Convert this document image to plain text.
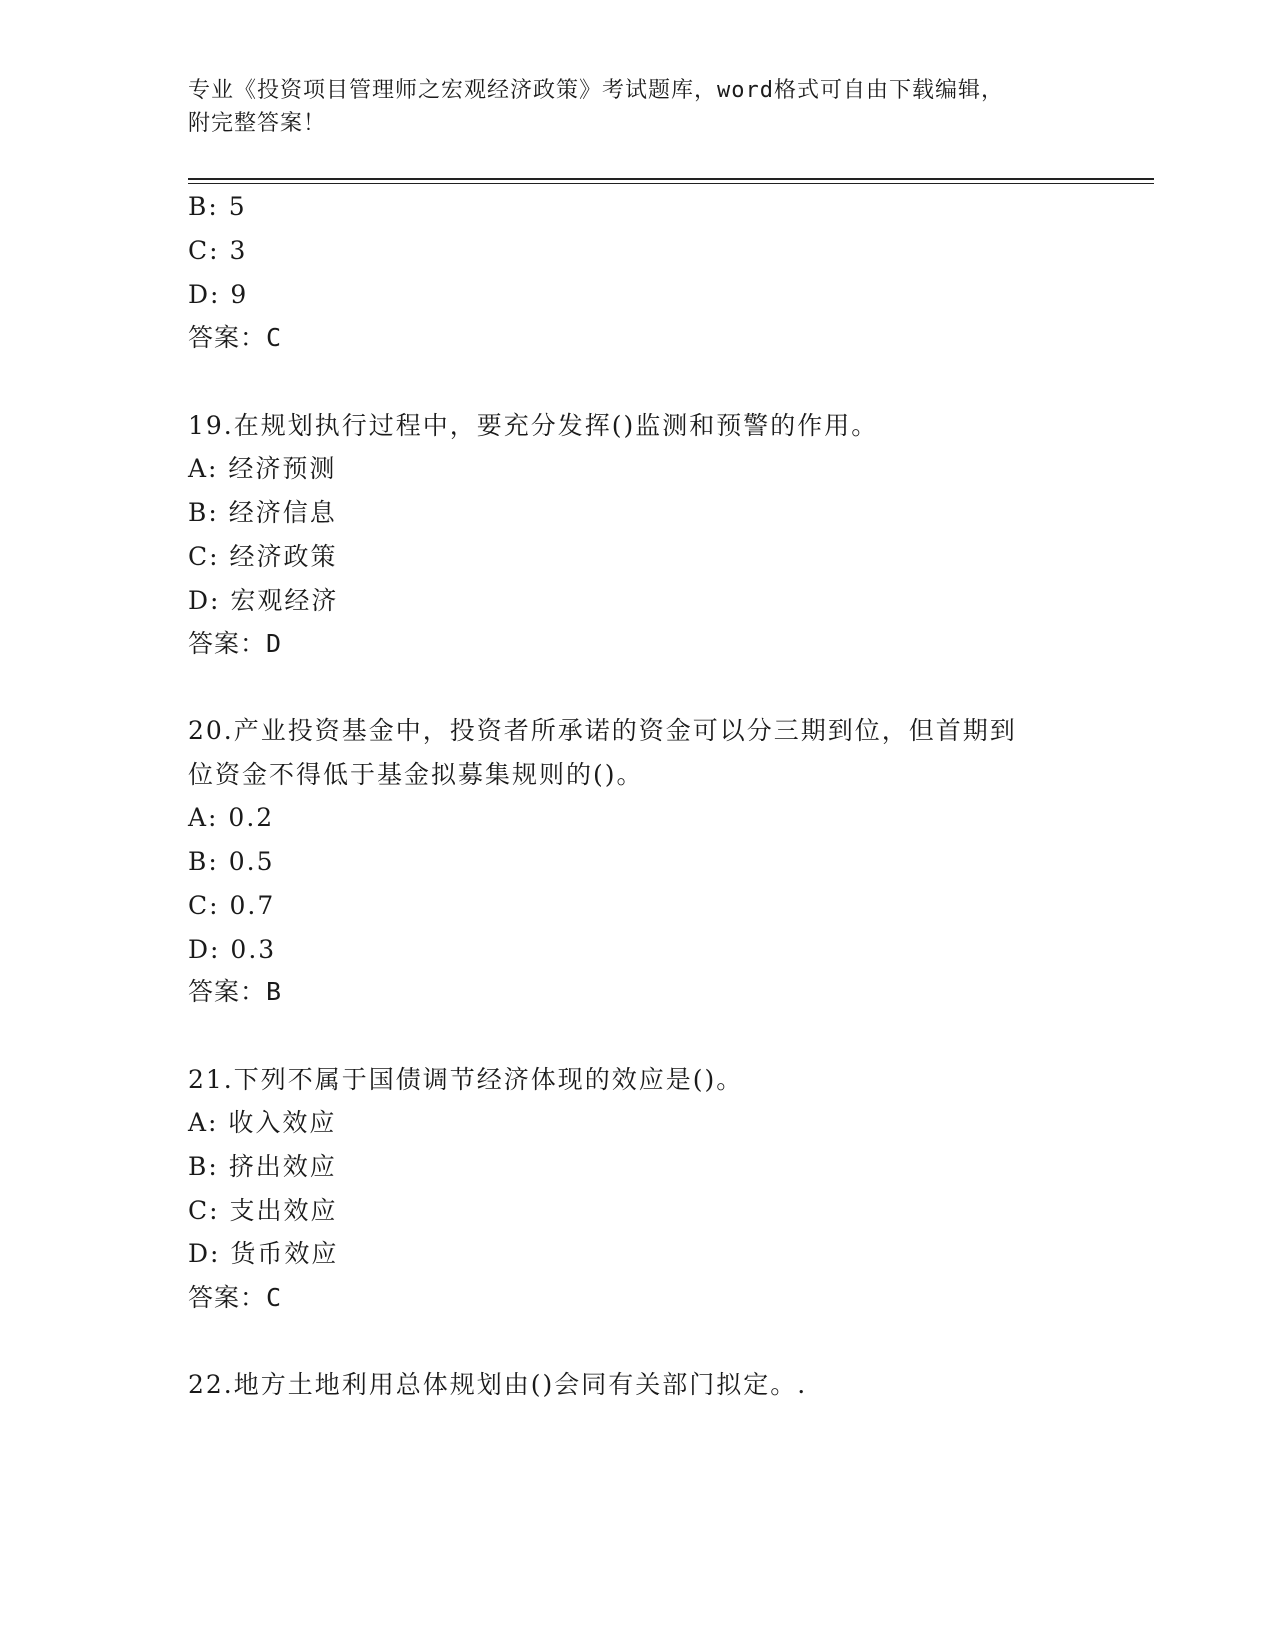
专业《投资项目管理师之宏观经济政策》考试题库，word格式可自由下载编辑，
附完整答案！
B: 5
C: 3
D: 9
答案：C
19.在规划执行过程中，要充分发挥()监测和预警的作用。
A: 经济预测
B: 经济信息
C: 经济政策
D: 宏观经济
答案：D
20.产业投资基金中，投资者所承诺的资金可以分三期到位，但首期到
位资金不得低于基金拟募集规则的()。
A: 0.2
B: 0.5
C: 0.7
D: 0.3
答案：B
21.下列不属于国债调节经济体现的效应是()。
A: 收入效应
B: 挤出效应
C: 支出效应
D: 货币效应
答案：C
22.地方土地利用总体规划由()会同有关部门拟定。.
